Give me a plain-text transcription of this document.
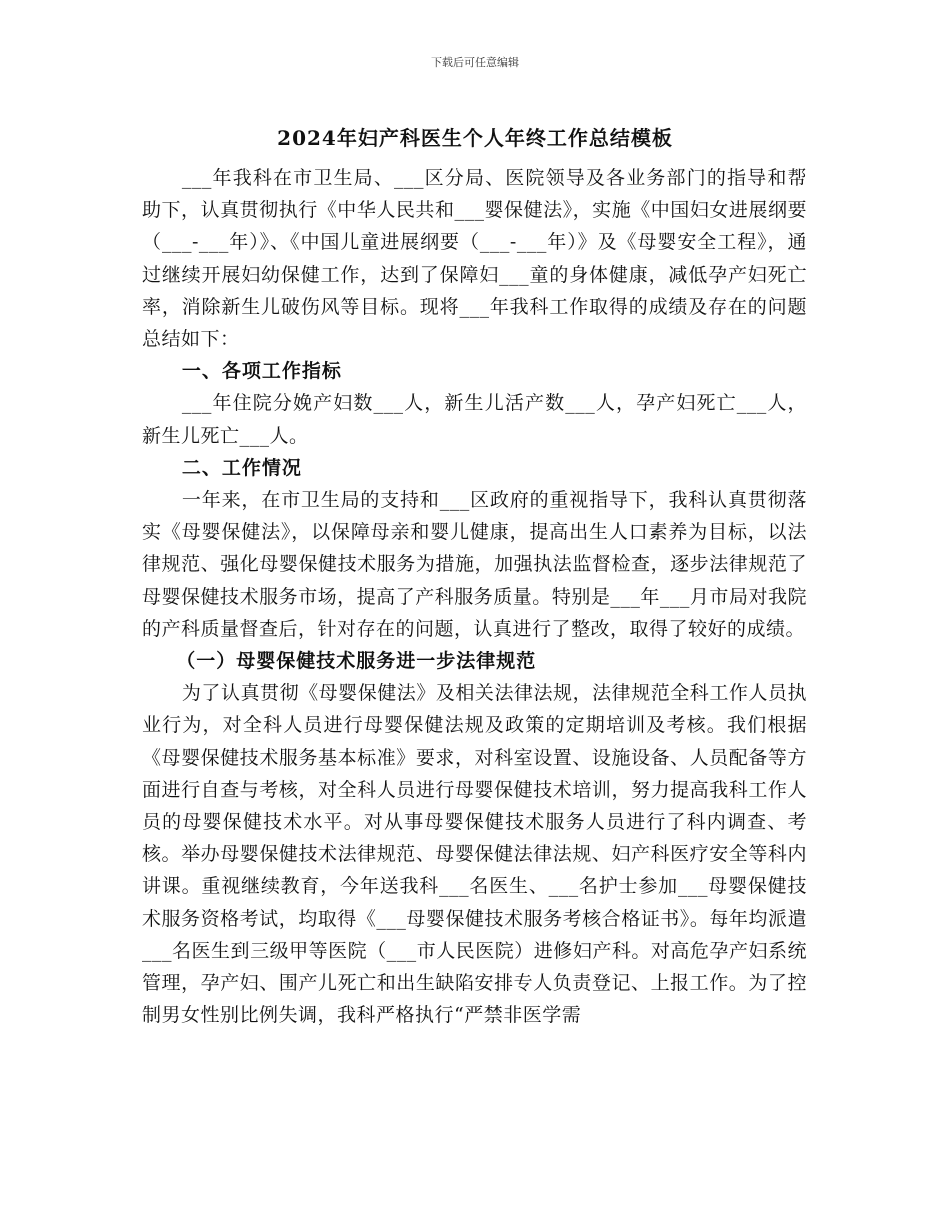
下载后可任意编辑
2024年妇产科医生个人年终工作总结模板

___年我科在市卫生局、___区分局、医院领导及各业务部门的指导和帮助下，认真贯彻执行《中华人民共和___婴保健法》，实施《中国妇女进展纲要（___-___年）》、《中国儿童进展纲要（___-___年）》及《母婴安全工程》，通过继续开展妇幼保健工作，达到了保障妇___童的身体健康，减低孕产妇死亡率，消除新生儿破伤风等目标。现将___年我科工作取得的成绩及存在的问题总结如下：

一、各项工作指标

___年住院分娩产妇数___人，新生儿活产数___人，孕产妇死亡___人，新生儿死亡___人。

二、工作情况

一年来，在市卫生局的支持和___区政府的重视指导下，我科认真贯彻落实《母婴保健法》，以保障母亲和婴儿健康，提高出生人口素养为目标，以法律规范、强化母婴保健技术服务为措施，加强执法监督检查，逐步法律规范了母婴保健技术服务市场，提高了产科服务质量。特别是___年___月市局对我院的产科质量督查后，针对存在的问题，认真进行了整改，取得了较好的成绩。

（一）母婴保健技术服务进一步法律规范

为了认真贯彻《母婴保健法》及相关法律法规，法律规范全科工作人员执业行为，对全科人员进行母婴保健法规及政策的定期培训及考核。我们根据《母婴保健技术服务基本标准》要求，对科室设置、设施设备、人员配备等方面进行自查与考核，对全科人员进行母婴保健技术培训，努力提高我科工作人员的母婴保健技术水平。对从事母婴保健技术服务人员进行了科内调查、考核。举办母婴保健技术法律规范、母婴保健法律法规、妇产科医疗安全等科内讲课。重视继续教育，今年送我科___名医生、___名护士参加___母婴保健技术服务资格考试，均取得《___母婴保健技术服务考核合格证书》。每年均派遣___名医生到三级甲等医院（___市人民医院）进修妇产科。对高危孕产妇系统管理，孕产妇、围产儿死亡和出生缺陷安排专人负责登记、上报工作。为了控制男女性别比例失调，我科严格执行“严禁非医学需
